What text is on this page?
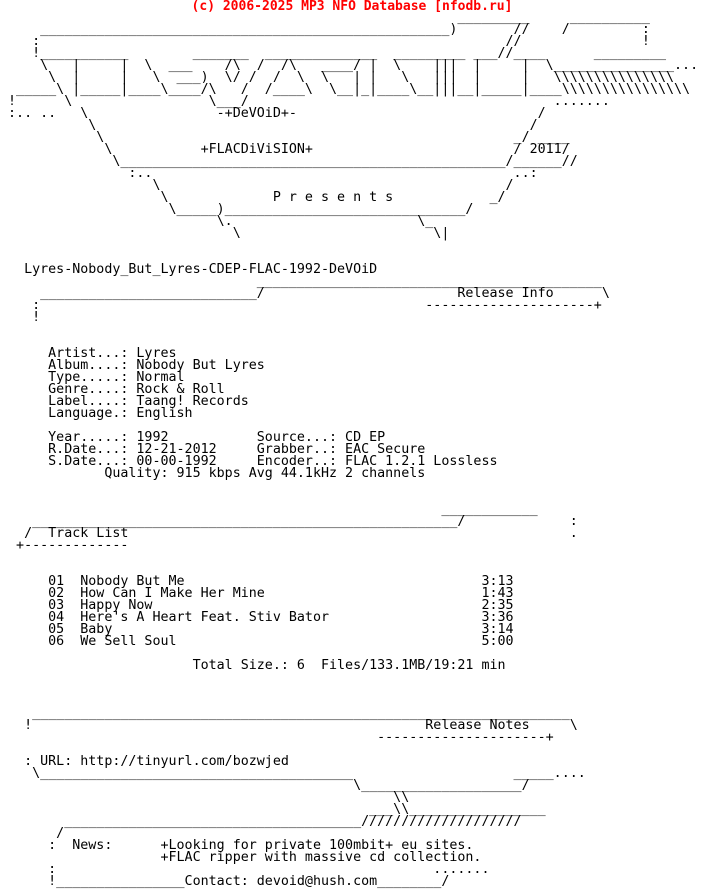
(c) 2006-2025 MP3 NFO Database [nfodb.ru]
_________     __________
___________________________________________________)       //    /         :
:                                                          //               !
!___________        _______  ______________  _________ ___//____      _________
\   |     |  \  ___    /\  /  /\   ____/ |  \    |||  |     |  \_______________...
\  |     |   \  ___)  \/ /  /  \  \   | |   \   |||  |     |   \\\\\\\\\\\\\\\
_____\ |_____|____\____/\   /  /____\  \__|_|____\__|||__|_____|____\\\\\\\\\\\\\\\\
!      \                 \___/                                      .......
:.. ..   \                -+DeVOiD+-                              /
\                                                      /
\                                                   _/ ____
\           +FLACDiViSION+                         / 2011/
\________________________________________________/______//
:..                                             ..:
\                                           /
\             P r e s e n t s            _/
\_____)______________________________/
\.                       \_
\                        \|

Lyres-Nobody_But_Lyres-CDEP-FLAC-1992-DeVOiD
___________________________________________
___________________________/                        Release Info      \
:                                                ---------------------+
!

Artist...: Lyres
Album....: Nobody But Lyres
Type.....: Normal
Genre....: Rock & Roll
Label....: Taang! Records
Language.: English

Year.....: 1992           Source...: CD EP
R.Date...: 12-21-2012     Grabber..: EAC Secure
S.Date...: 00-00-1992     Encoder..: FLAC 1.2.1 Lossless
Quality: 915 kbps Avg 44.1kHz 2 channels

____________
_____________________________________________________/             :
/  Track List                                                       .
+-------------

01  Nobody But Me                                     3:13
02  How Can I Make Her Mine                           1:43
03  Happy Now                                         2:35
04  Here's A Heart Feat. Stiv Bator                   3:36
05  Baby                                              3:14
06  We Sell Soul                                      5:00

Total Size.: 6  Files/133.1MB/19:21 min

___________________________________________________________________
!                                                 Release Notes     \
---------------------+

: URL: http://tinyurl.com/bozwjed
\_______________________________________                    _____....
\____________________/
\\
___\\_________________
_____________________________________////////////////////
/
:  News:      +Looking for private 100mbit+ eu sites.
+FLAC ripper with massive cd collection.
:                                               .......
!________________Contact: devoid@hush.com________/
